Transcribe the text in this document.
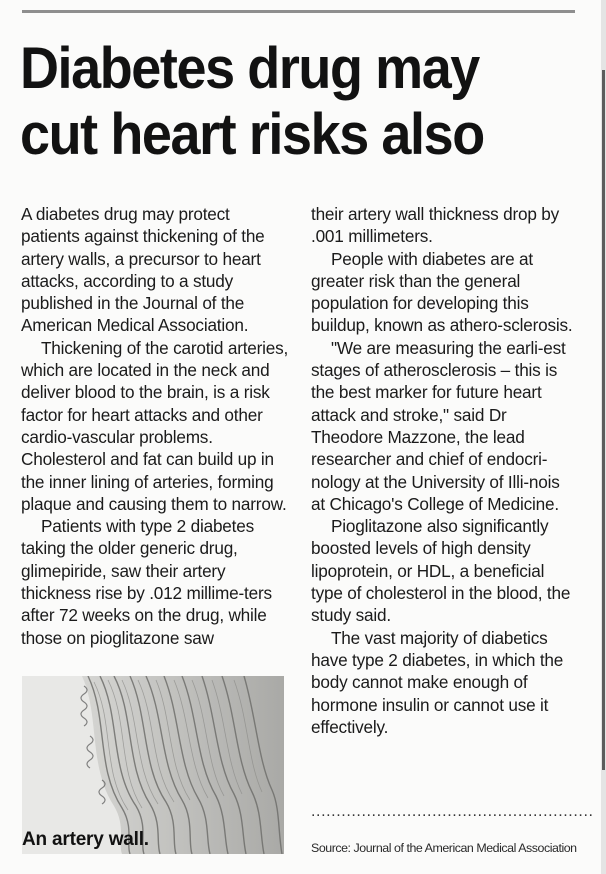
Diabetes drug may cut heart risks also

A diabetes drug may protect patients against thickening of the artery walls, a precursor to heart attacks, according to a study published in the Journal of the American Medical Association.

Thickening of the carotid arteries, which are located in the neck and deliver blood to the brain, is a risk factor for heart attacks and other cardio-vascular problems. Cholesterol and fat can build up in the inner lining of arteries, forming plaque and causing them to narrow.

Patients with type 2 diabetes taking the older generic drug, glimepiride, saw their artery thickness rise by .012 millime-ters after 72 weeks on the drug, while those on pioglitazone saw

An artery wall.

their artery wall thickness drop by .001 millimeters.

People with diabetes are at greater risk than the general population for developing this buildup, known as athero-sclerosis.

"We are measuring the earli-est stages of atherosclerosis – this is the best marker for future heart attack and stroke," said Dr Theodore Mazzone, the lead researcher and chief of endocri-nology at the University of Illi-nois at Chicago's College of Medicine.

Pioglitazone also significantly boosted levels of high density lipoprotein, or HDL, a beneficial type of cholesterol in the blood, the study said.

The vast majority of diabetics have type 2 diabetes, in which the body cannot make enough of hormone insulin or cannot use it effectively.

........................................................
Source: Journal of the American Medical Association
